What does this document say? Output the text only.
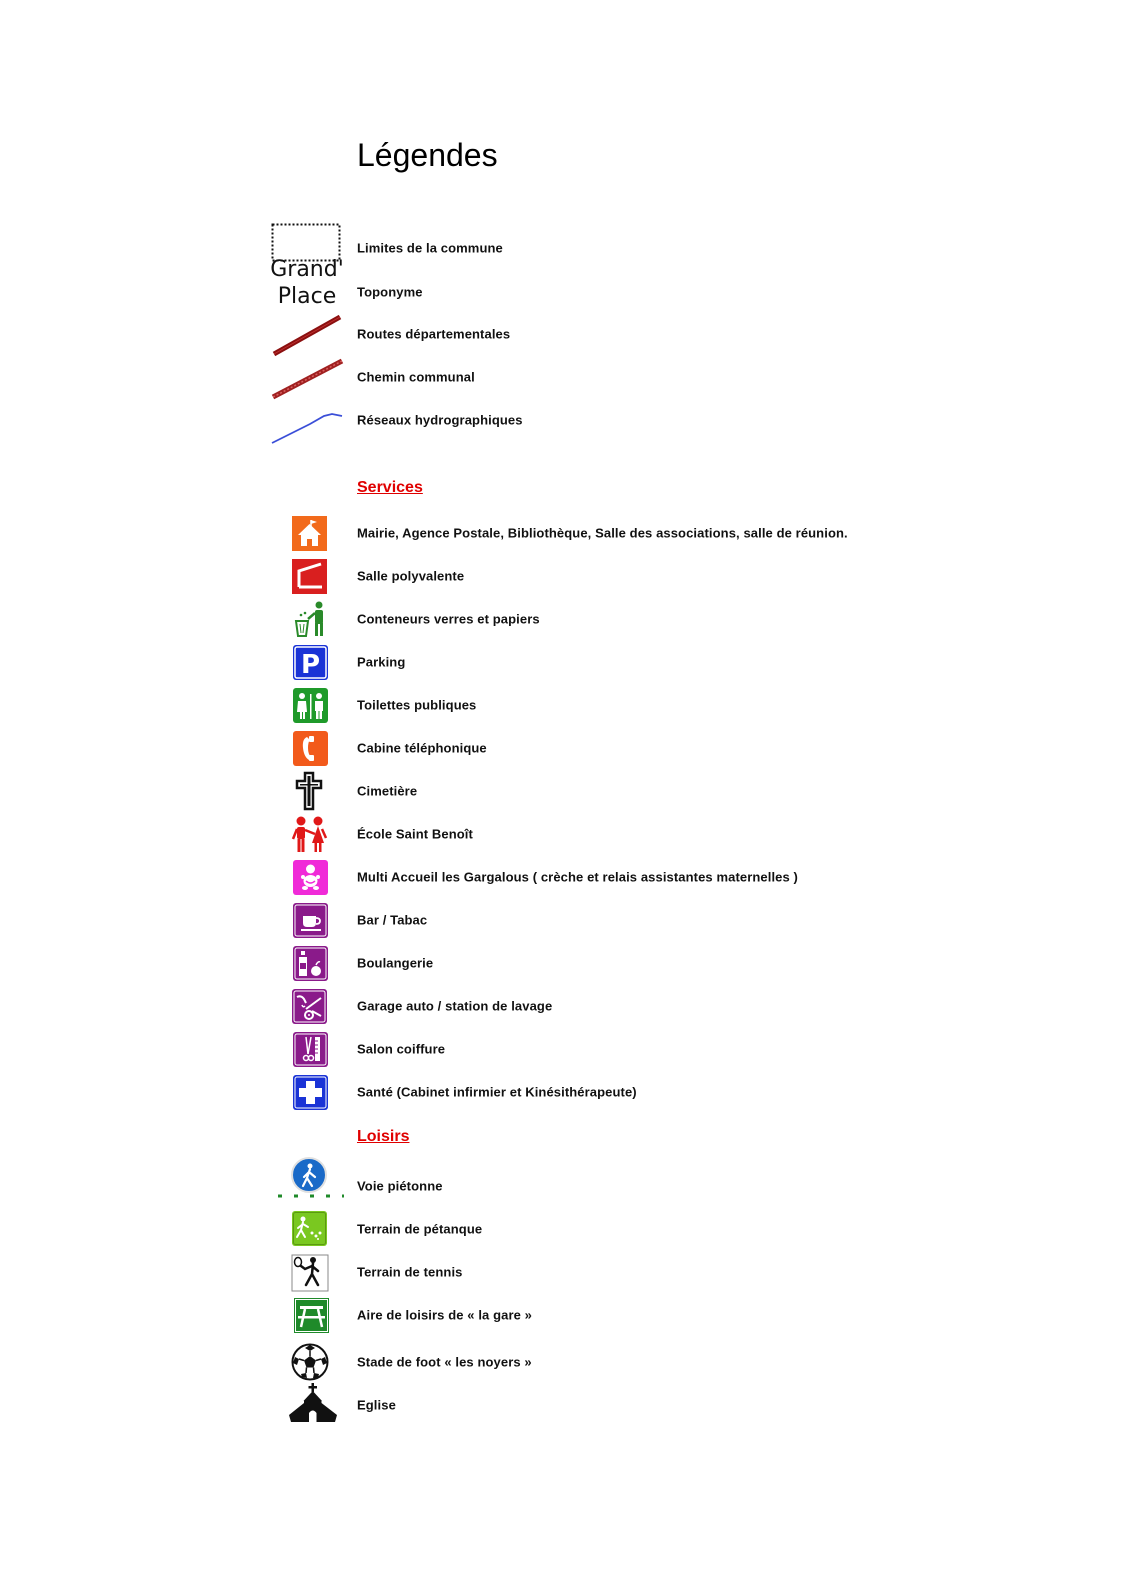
Légendes
Limites de la commune
Grand'
Place	Toponyme
Routes départementales
Chemin communal
Réseaux hydrographiques
Services
Mairie, Agence Postale, Bibliothèque, Salle des associations, salle de réunion.
Salle polyvalente
Conteneurs verres et papiers
P	Parking
Toilettes publiques
Cabine téléphonique
Cimetière
École Saint Benoît
Multi Accueil les Gargalous ( crèche et relais assistantes maternelles )
Bar / Tabac
Boulangerie
Garage auto / station de lavage
Salon coiffure
Santé (Cabinet infirmier et Kinésithérapeute)
Loisirs
Voie piétonne
Terrain de pétanque
Terrain de tennis
Aire de loisirs de « la gare »
Stade de foot « les noyers »
Eglise
